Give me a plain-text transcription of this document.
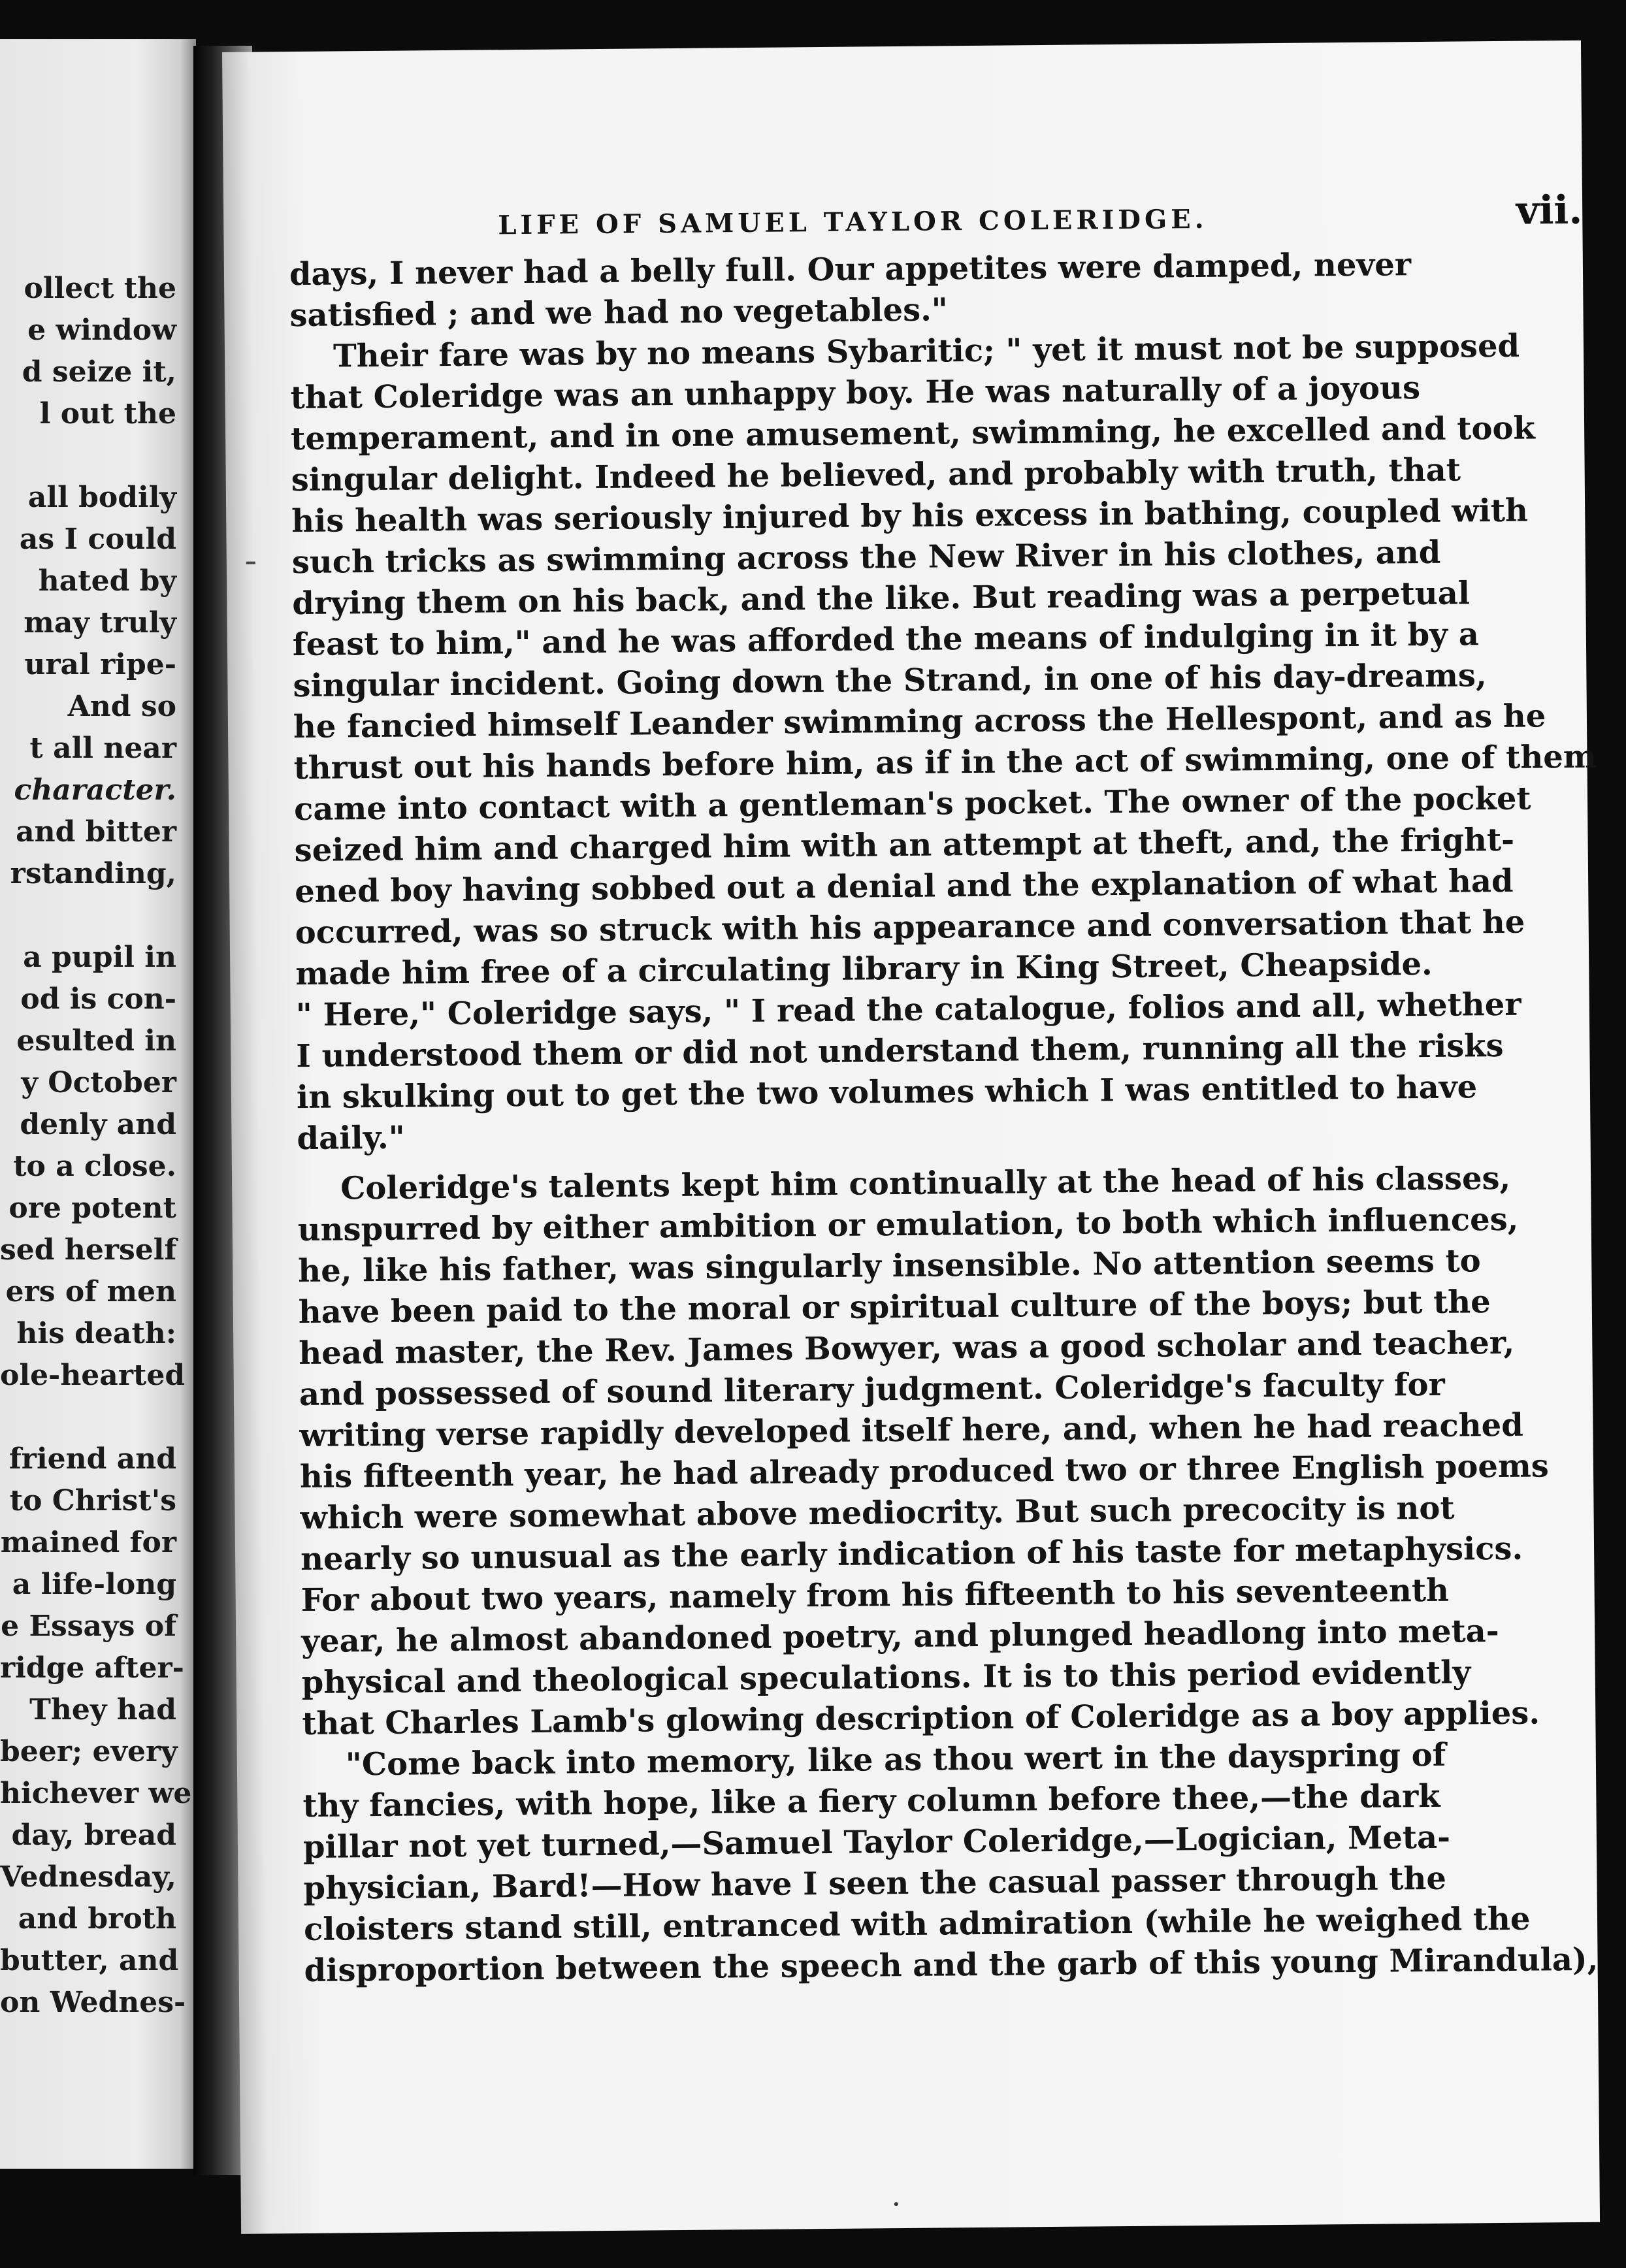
ollect the
e window
d seize it,
l out the
all bodily
as I could
hated by
may truly
ural ripe-
And so
t all near
character.
and bitter
rstanding,
a pupil in
od is con-
esulted in
y October
denly and
to a close.
ore potent
sed herself
ers of men
his death:
ole-hearted
friend and
to Christ's
mained for
a life-long
e Essays of
ridge after-
They had
beer; every
hichever we
day, bread
Vednesday,
and broth
butter, and
on Wednes-
LIFE OF SAMUEL TAYLOR COLERIDGE.	vii.
days, I never had a belly full. Our appetites were damped, never
satisfied ; and we had no vegetables."
Their fare was by no means Sybaritic; " yet it must not be supposed
that Coleridge was an unhappy boy. He was naturally of a joyous
temperament, and in one amusement, swimming, he excelled and took
singular delight. Indeed he believed, and probably with truth, that
his health was seriously injured by his excess in bathing, coupled with
such tricks as swimming across the New River in his clothes, and
drying them on his back, and the like. But reading was a perpetual
feast to him," and he was afforded the means of indulging in it by a
singular incident. Going down the Strand, in one of his day-dreams,
he fancied himself Leander swimming across the Hellespont, and as he
thrust out his hands before him, as if in the act of swimming, one of them
came into contact with a gentleman's pocket. The owner of the pocket
seized him and charged him with an attempt at theft, and, the fright-
ened boy having sobbed out a denial and the explanation of what had
occurred, was so struck with his appearance and conversation that he
made him free of a circulating library in King Street, Cheapside.
" Here," Coleridge says, " I read the catalogue, folios and all, whether
I understood them or did not understand them, running all the risks
in skulking out to get the two volumes which I was entitled to have
daily."
Coleridge's talents kept him continually at the head of his classes,
unspurred by either ambition or emulation, to both which influences,
he, like his father, was singularly insensible. No attention seems to
have been paid to the moral or spiritual culture of the boys; but the
head master, the Rev. James Bowyer, was a good scholar and teacher,
and possessed of sound literary judgment. Coleridge's faculty for
writing verse rapidly developed itself here, and, when he had reached
his fifteenth year, he had already produced two or three English poems
which were somewhat above mediocrity. But such precocity is not
nearly so unusual as the early indication of his taste for metaphysics.
For about two years, namely from his fifteenth to his seventeenth
year, he almost abandoned poetry, and plunged headlong into meta-
physical and theological speculations. It is to this period evidently
that Charles Lamb's glowing description of Coleridge as a boy applies.
"Come back into memory, like as thou wert in the dayspring of
thy fancies, with hope, like a fiery column before thee,—the dark
pillar not yet turned,—Samuel Taylor Coleridge,—Logician, Meta-
physician, Bard!—How have I seen the casual passer through the
cloisters stand still, entranced with admiration (while he weighed the
disproportion between the speech and the garb of this young Mirandula),
